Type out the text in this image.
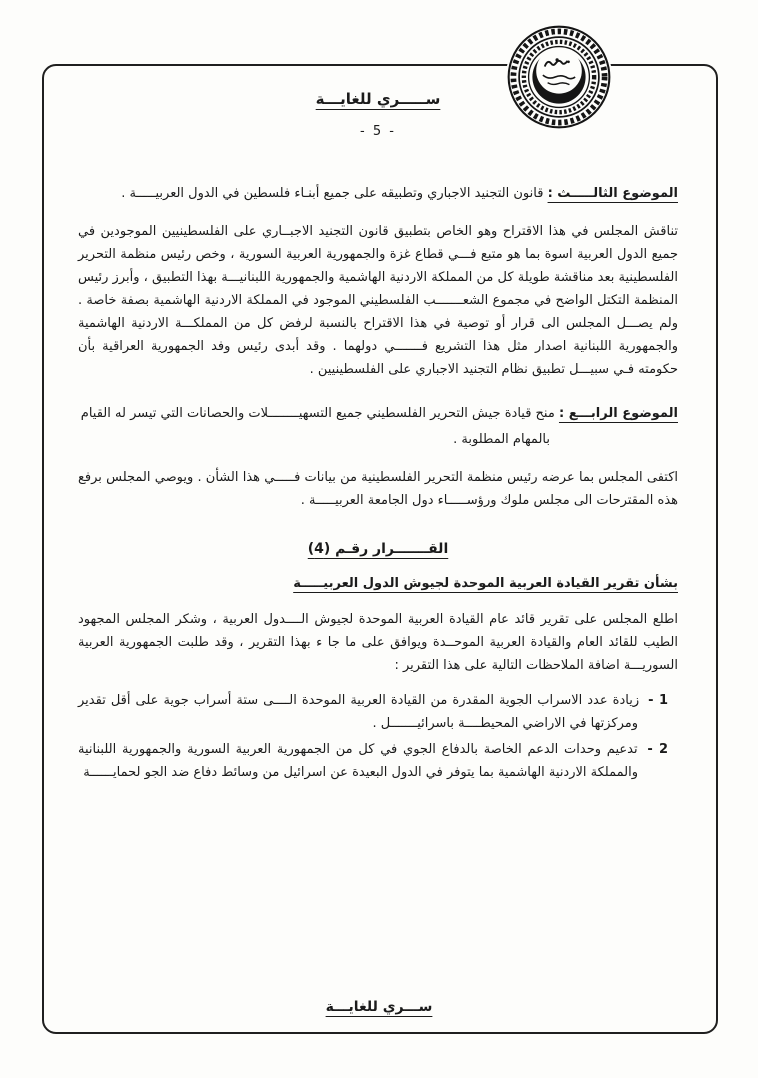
ســـــري للغايـــة
- 5 -

الموضوع الثالـــــث : قانون التجنيد الاجباري وتطبيقه على جميع أبنـاء فلسطين في الدول العربيـــــة .

تناقش المجلس في هذا الاقتراح وهو الخاص بتطبيق قانون التجنيد الاجبــاري على الفلسطينيين الموجودين في جميع الدول العربية اسوة بما هو متبع فـــي قطاع غزة والجمهورية العربية السورية ، وخص رئيس منظمة التحرير الفلسطينية بعد مناقشة طويلة كل من المملكة الاردنية الهاشمية والجمهورية اللبنانيـــة بهذا التطبيق ، وأبرز رئيس المنظمة التكتل الواضح في مجموع الشعـــــــب الفلسطيني الموجود في المملكة الاردنية الهاشمية بصفة خاصة . ولم يصـــل المجلس الى قرار أو توصية في هذا الاقتراح بالنسبة لرفض كل من المملكـــة الاردنية الهاشمية والجمهورية اللبنانية اصدار مثل هذا التشريع فـــــــي دولهما . وقد أبدى رئيس وفد الجمهورية العراقية بأن حكومته فـي سبيـــل تطبيق نظام التجنيد الاجباري على الفلسطينيين .

الموضوع الرابـــع : منح قيادة جيش التحرير الفلسطيني جميع التسهيــــــــلات والحصانات التي تيسر له القيام بالمهام المطلوبة .

اكتفى المجلس بما عرضه رئيس منظمة التحرير الفلسطينية من بيانات فـــــي هذا الشأن . ويوصي المجلس برفع هذه المقترحات الى مجلس ملوك ورؤســـــاء دول الجامعة العربيـــــة .

القـــــــرار رقـم (4)
بشأن تقرير القيادة العربية الموحدة لجيوش الدول العربيـــــة

اطلع المجلس على تقرير قائد عام القيادة العربية الموحدة لجيوش الــــدول العربية ، وشكر المجلس المجهود الطيب للقائد العام والقيادة العربية الموحــدة ويوافق على ما جا ء بهذا التقرير ، وقد طلبت الجمهورية العربية السوريـــة اضافة الملاحظات التالية على هذا التقرير :

1 - زيادة عدد الاسراب الجوية المقدرة من القيادة العربية الموحدة الــــى ستة أسراب جوية على أقل تقدير ومركزتها في الاراضي المحيطــــة باسرائيـــــــل .

2 - تدعيم وحدات الدعم الخاصة بالدفاع الجوي في كل من الجمهورية العربية السورية والجمهورية اللبنانية والمملكة الاردنية الهاشمية بما يتوفر في الدول البعيدة عن اسرائيل من وسائط دفاع ضد الجو لحمايــــــة

ســـري للغايـــة
